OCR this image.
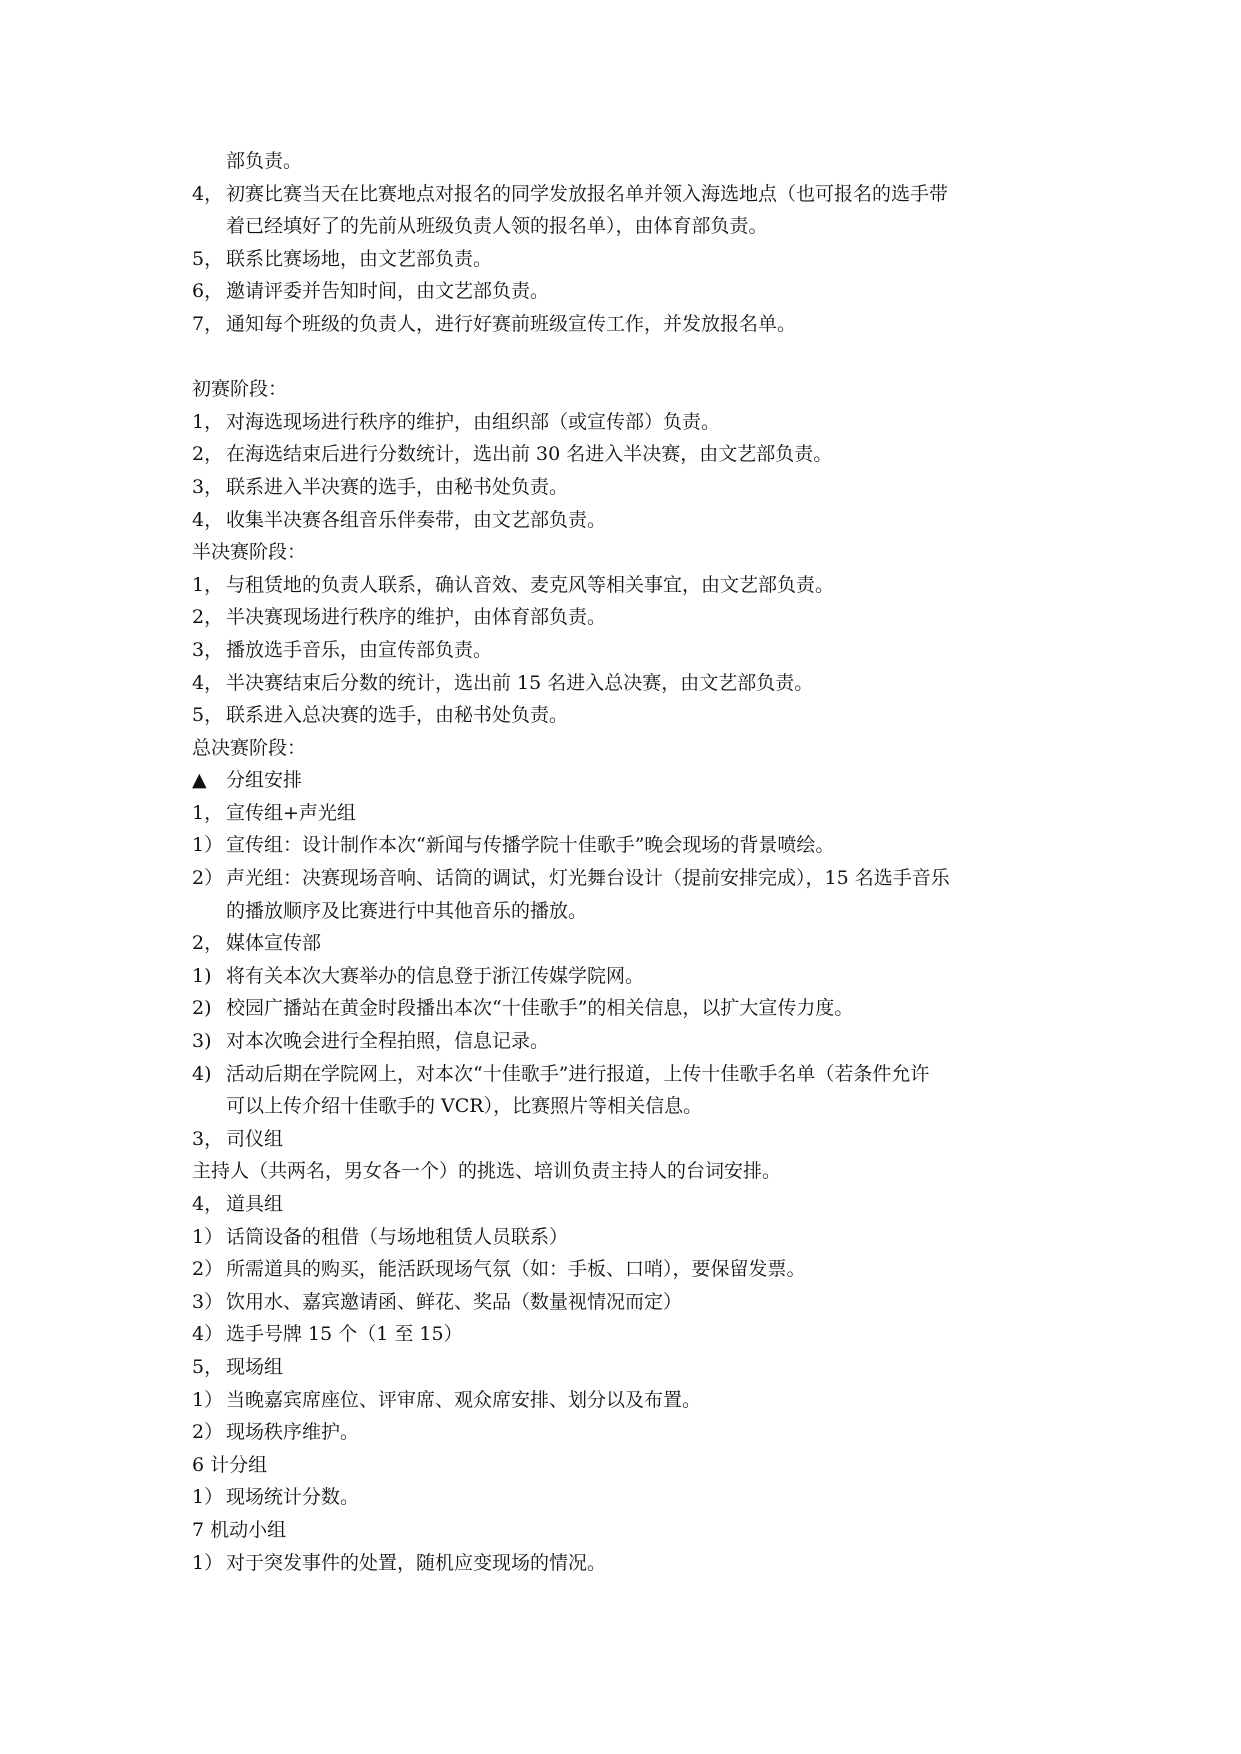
部负责。
4， 初赛比赛当天在比赛地点对报名的同学发放报名单并领入海选地点（也可报名的选手带
着已经填好了的先前从班级负责人领的报名单），由体育部负责。
5， 联系比赛场地，由文艺部负责。
6， 邀请评委并告知时间，由文艺部负责。
7， 通知每个班级的负责人，进行好赛前班级宣传工作，并发放报名单。
初赛阶段：
1， 对海选现场进行秩序的维护，由组织部（或宣传部）负责。
2， 在海选结束后进行分数统计，选出前 30 名进入半决赛，由文艺部负责。
3， 联系进入半决赛的选手，由秘书处负责。
4， 收集半决赛各组音乐伴奏带，由文艺部负责。
半决赛阶段：
1， 与租赁地的负责人联系，确认音效、麦克风等相关事宜，由文艺部负责。
2， 半决赛现场进行秩序的维护，由体育部负责。
3， 播放选手音乐，由宣传部负责。
4， 半决赛结束后分数的统计，选出前 15 名进入总决赛，由文艺部负责。
5， 联系进入总决赛的选手，由秘书处负责。
总决赛阶段：
▲ 分组安排
1， 宣传组+声光组
1） 宣传组：设计制作本次“新闻与传播学院十佳歌手”晚会现场的背景喷绘。
2） 声光组：决赛现场音响、话筒的调试，灯光舞台设计（提前安排完成），15 名选手音乐
的播放顺序及比赛进行中其他音乐的播放。
2， 媒体宣传部
1) 将有关本次大赛举办的信息登于浙江传媒学院网。
2) 校园广播站在黄金时段播出本次“十佳歌手”的相关信息，以扩大宣传力度。
3) 对本次晚会进行全程拍照，信息记录。
4) 活动后期在学院网上，对本次“十佳歌手”进行报道，上传十佳歌手名单（若条件允许
可以上传介绍十佳歌手的 VCR），比赛照片等相关信息。
3， 司仪组
主持人（共两名，男女各一个）的挑选、培训负责主持人的台词安排。
4， 道具组
1） 话筒设备的租借（与场地租赁人员联系）
2） 所需道具的购买，能活跃现场气氛（如：手板、口哨），要保留发票。
3） 饮用水、嘉宾邀请函、鲜花、奖品（数量视情况而定）
4） 选手号牌 15 个（1 至 15）
5， 现场组
1） 当晚嘉宾席座位、评审席、观众席安排、划分以及布置。
2） 现场秩序维护。
6 计分组
1） 现场统计分数。
7 机动小组
1） 对于突发事件的处置，随机应变现场的情况。
